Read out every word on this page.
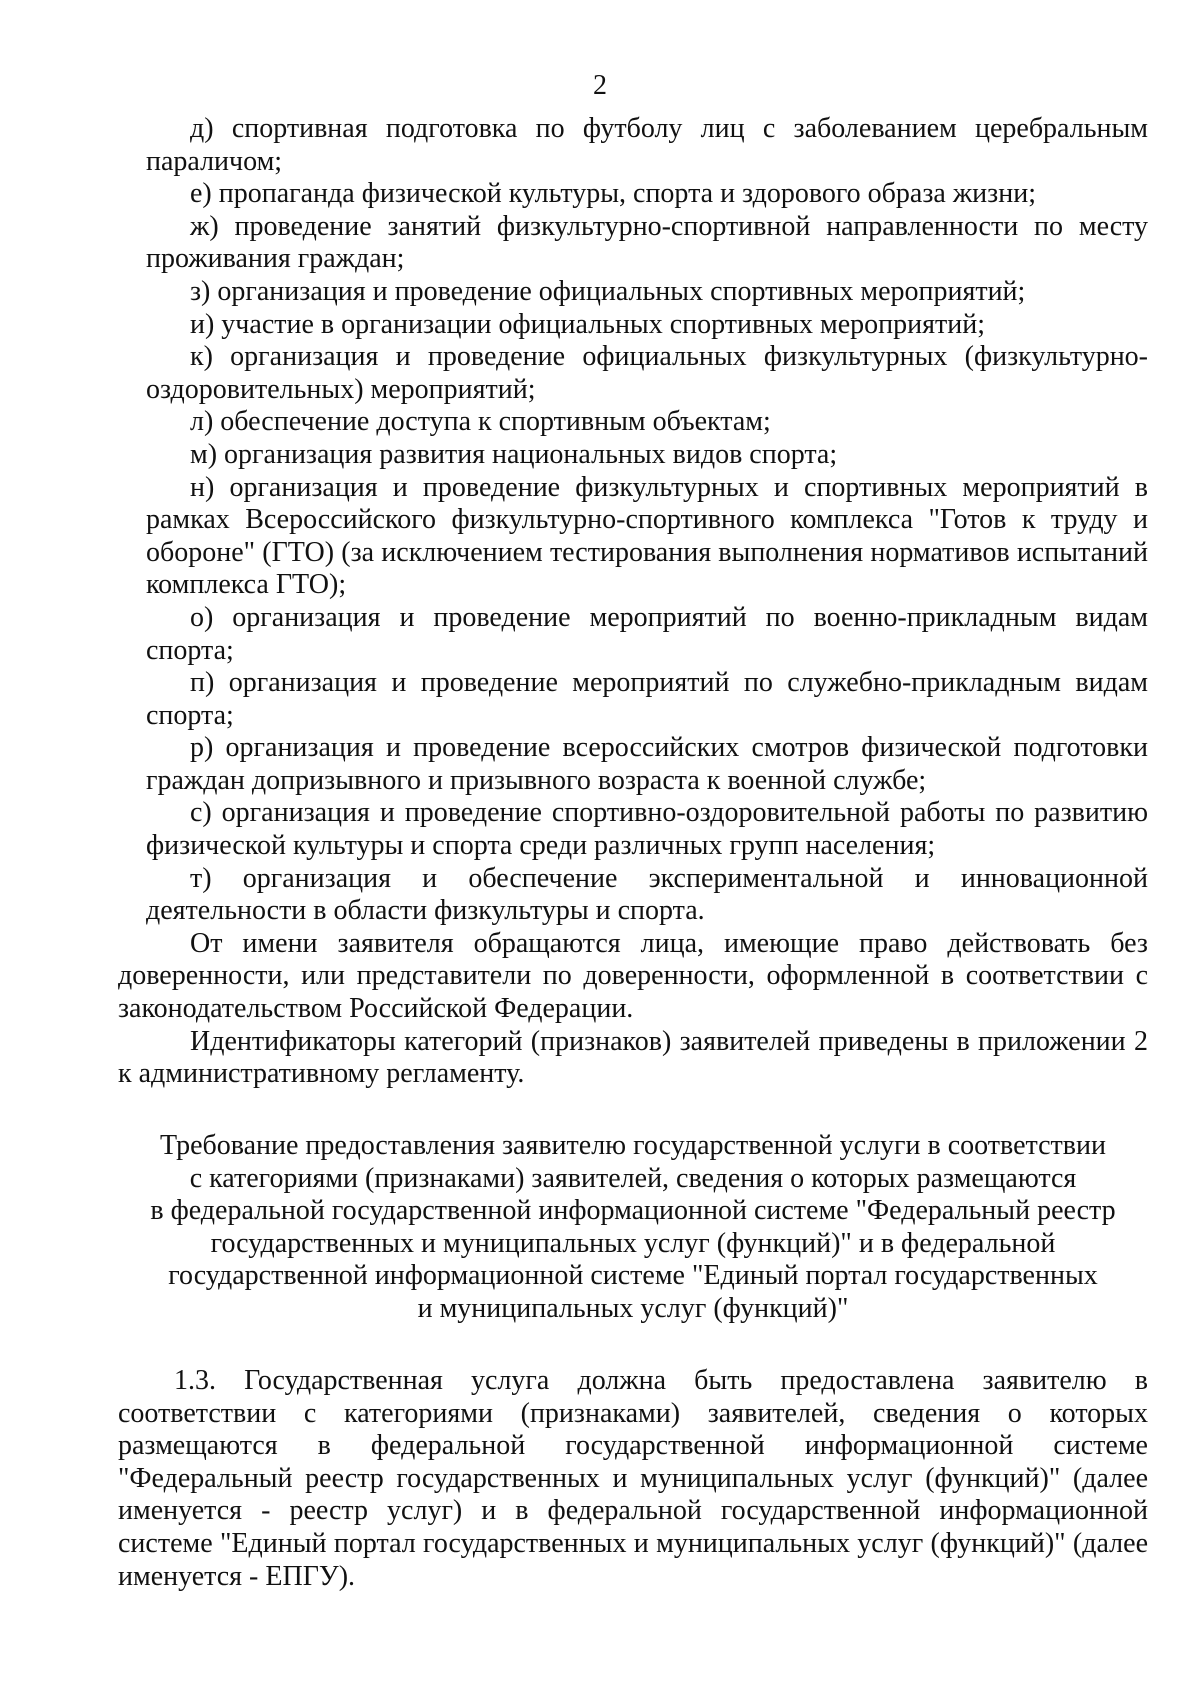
2

д) спортивная подготовка по футболу лиц с заболеванием церебральным параличом;

е) пропаганда физической культуры, спорта и здорового образа жизни;

ж) проведение занятий физкультурно-спортивной направленности по месту проживания граждан;

з) организация и проведение официальных спортивных мероприятий;

и) участие в организации официальных спортивных мероприятий;

к) организация и проведение официальных физкультурных (физкультурно-оздоровительных) мероприятий;

л) обеспечение доступа к спортивным объектам;

м) организация развития национальных видов спорта;

н) организация и проведение физкультурных и спортивных мероприятий в рамках Всероссийского физкультурно-спортивного комплекса "Готов к труду и обороне" (ГТО) (за исключением тестирования выполнения нормативов испытаний комплекса ГТО);

о) организация и проведение мероприятий по военно-прикладным видам спорта;

п) организация и проведение мероприятий по служебно-прикладным видам спорта;

р) организация и проведение всероссийских смотров физической подготовки граждан допризывного и призывного возраста к военной службе;

с) организация и проведение спортивно-оздоровительной работы по развитию физической культуры и спорта среди различных групп населения;

т) организация и обеспечение экспериментальной и инновационной деятельности в области физкультуры и спорта.

От имени заявителя обращаются лица, имеющие право действовать без доверенности, или представители по доверенности, оформленной в соответствии с законодательством Российской Федерации.

Идентификаторы категорий (признаков) заявителей приведены в приложении 2 к административному регламенту.

Требование предоставления заявителю государственной услуги в соответствии
с категориями (признаками) заявителей, сведения о которых размещаются
в федеральной государственной информационной системе "Федеральный реестр
государственных и муниципальных услуг (функций)" и в федеральной
государственной информационной системе "Единый портал государственных
и муниципальных услуг (функций)"

1.3. Государственная услуга должна быть предоставлена заявителю в соответствии с категориями (признаками) заявителей, сведения о которых размещаются в федеральной государственной информационной системе "Федеральный реестр государственных и муниципальных услуг (функций)" (далее именуется - реестр услуг) и в федеральной государственной информационной системе "Единый портал государственных и муниципальных услуг (функций)" (далее именуется - ЕПГУ).
